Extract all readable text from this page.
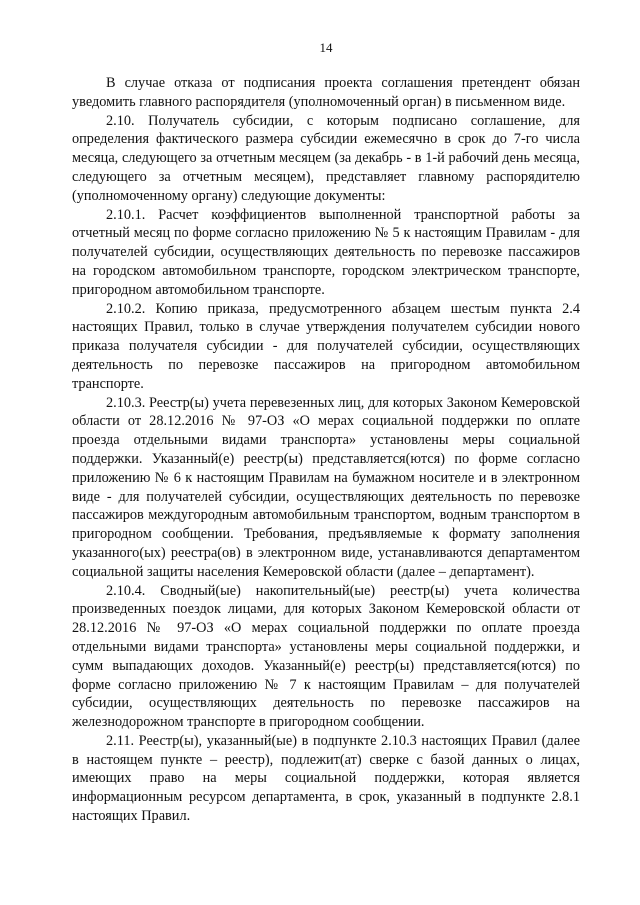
14

В случае отказа от подписания проекта соглашения претендент обязан уведомить главного распорядителя (уполномоченный орган) в письменном виде.

2.10. Получатель субсидии, с которым подписано соглашение, для определения фактического размера субсидии ежемесячно в срок до 7-го числа месяца, следующего за отчетным месяцем (за декабрь - в 1-й рабочий день месяца, следующего за отчетным месяцем), представляет главному распорядителю (уполномоченному органу) следующие документы:

2.10.1. Расчет коэффициентов выполненной транспортной работы за отчетный месяц по форме согласно приложению № 5 к настоящим Правилам - для получателей субсидии, осуществляющих деятельность по перевозке пассажиров на городском автомобильном транспорте, городском электрическом транспорте, пригородном автомобильном транспорте.

2.10.2. Копию приказа, предусмотренного абзацем шестым пункта 2.4 настоящих Правил, только в случае утверждения получателем субсидии нового приказа получателя субсидии - для получателей субсидии, осуществляющих деятельность по перевозке пассажиров на пригородном автомобильном транспорте.

2.10.3. Реестр(ы) учета перевезенных лиц, для которых Законом Кемеровской области от 28.12.2016 № 97-ОЗ «О мерах социальной поддержки по оплате проезда отдельными видами транспорта» установлены меры социальной поддержки. Указанный(е) реестр(ы) представляется(ются) по форме согласно приложению № 6 к настоящим Правилам на бумажном носителе и в электронном виде - для получателей субсидии, осуществляющих деятельность по перевозке пассажиров междугородным автомобильным транспортом, водным транспортом в пригородном сообщении. Требования, предъявляемые к формату заполнения указанного(ых) реестра(ов) в электронном виде, устанавливаются департаментом социальной защиты населения Кемеровской области (далее – департамент).

2.10.4. Сводный(ые) накопительный(ые) реестр(ы) учета количества произведенных поездок лицами, для которых Законом Кемеровской области от 28.12.2016 № 97-ОЗ «О мерах социальной поддержки по оплате проезда отдельными видами транспорта» установлены меры социальной поддержки, и сумм выпадающих доходов. Указанный(е) реестр(ы) представляется(ются) по форме согласно приложению № 7 к настоящим Правилам – для получателей субсидии, осуществляющих деятельность по перевозке пассажиров на железнодорожном транспорте в пригородном сообщении.

2.11. Реестр(ы), указанный(ые) в подпункте 2.10.3 настоящих Правил (далее в настоящем пункте – реестр), подлежит(ат) сверке с базой данных о лицах, имеющих право на меры социальной поддержки, которая является информационным ресурсом департамента, в срок, указанный в подпункте 2.8.1 настоящих Правил.
